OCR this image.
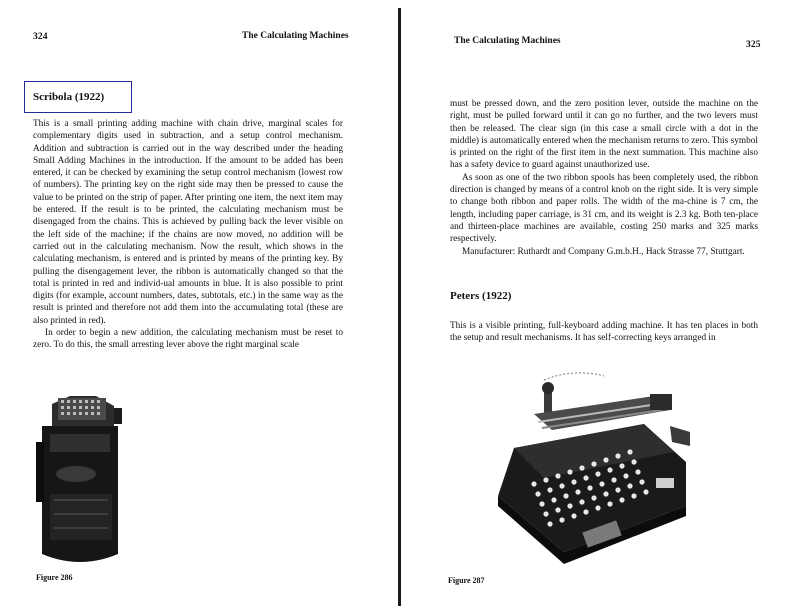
324	The Calculating Machines
Scribola (1922)

This is a small printing adding machine with chain drive, marginal scales for complementary digits used in subtraction, and a setup control mechanism. Addition and subtraction is carried out in the way described under the heading Small Adding Machines in the introduction. If the amount to be added has been entered, it can be checked by examining the setup control mechanism (lowest row of numbers). The printing key on the right side may then be pressed to cause the value to be printed on the strip of paper. After printing one item, the next item may be entered. If the result is to be printed, the calculating mechanism must be disengaged from the chains. This is achieved by pulling back the lever visible on the left side of the machine; if the chains are now moved, no addition will be carried out in the calculating mechanism. Now the result, which shows in the calculating mechanism, is entered and is printed by means of the printing key. By pulling the disengagement lever, the ribbon is automatically changed so that the total is printed in red and individ-ual amounts in blue. It is also possible to print digits (for example, account numbers, dates, subtotals, etc.) in the same way as the result is printed and therefore not add them into the accumulating total (these are also printed in red).

In order to begin a new addition, the calculating mechanism must be reset to zero. To do this, the small arresting lever above the right marginal scale

Figure 286
The Calculating Machines	325

must be pressed down, and the zero position lever, outside the machine on the right, must be pulled forward until it can go no further, and the two levers must then be released. The clear sign (in this case a small circle with a dot in the middle) is automatically entered when the mechanism returns to zero. This symbol is printed on the right of the first item in the next summation. This machine also has a safety device to guard against unauthorized use.

As soon as one of the two ribbon spools has been completely used, the ribbon direction is changed by means of a control knob on the right side. It is very simple to change both ribbon and paper rolls. The width of the ma-chine is 7 cm, the length, including paper carriage, is 31 cm, and its weight is 2.3 kg. Both ten-place and thirteen-place machines are available, costing 250 marks and 325 marks respectively.

Manufacturer: Ruthardt and Company G.m.b.H., Hack Strasse 77, Stuttgart.

Peters (1922)

This is a visible printing, full-keyboard adding machine. It has ten places in both the setup and result mechanisms. It has self-correcting keys arranged in

Figure 287
